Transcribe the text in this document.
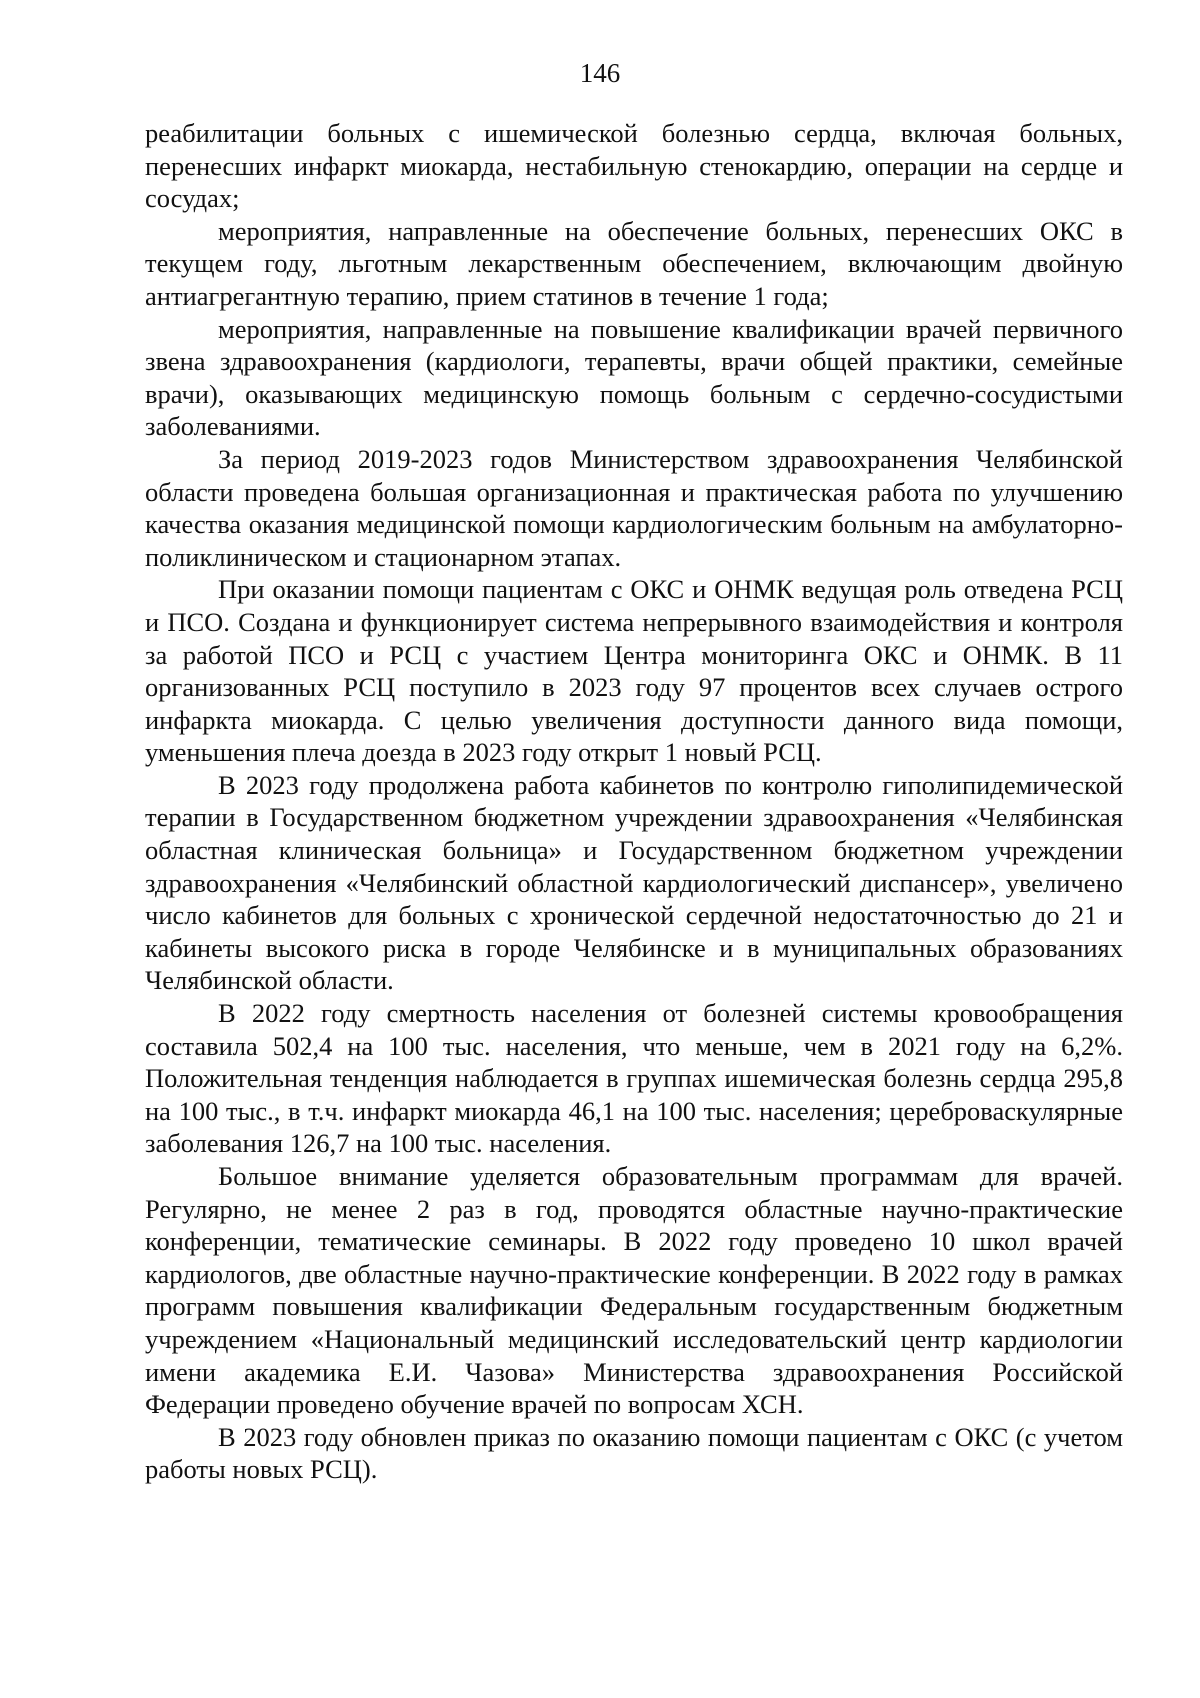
146

реабилитации больных с ишемической болезнью сердца, включая больных, перенесших инфаркт миокарда, нестабильную стенокардию, операции на сердце и сосудах;

мероприятия, направленные на обеспечение больных, перенесших ОКС в текущем году, льготным лекарственным обеспечением, включающим двойную антиагрегантную терапию, прием статинов в течение 1 года;

мероприятия, направленные на повышение квалификации врачей первичного звена здравоохранения (кардиологи, терапевты, врачи общей практики, семейные врачи), оказывающих медицинскую помощь больным с сердечно-сосудистыми заболеваниями.

За период 2019-2023 годов Министерством здравоохранения Челябинской области проведена большая организационная и практическая работа по улучшению качества оказания медицинской помощи кардиологическим больным на амбулаторно-поликлиническом и стационарном этапах.

При оказании помощи пациентам с ОКС и ОНМК ведущая роль отведена РСЦ и ПСО. Создана и функционирует система непрерывного взаимодействия и контроля за работой ПСО и РСЦ с участием Центра мониторинга ОКС и ОНМК. В 11 организованных РСЦ поступило в 2023 году 97 процентов всех случаев острого инфаркта миокарда. С целью увеличения доступности данного вида помощи, уменьшения плеча доезда в 2023 году открыт 1 новый РСЦ.

В 2023 году продолжена работа кабинетов по контролю гиполипидемической терапии в Государственном бюджетном учреждении здравоохранения «Челябинская областная клиническая больница» и Государственном бюджетном учреждении здравоохранения «Челябинский областной кардиологический диспансер», увеличено число кабинетов для больных с хронической сердечной недостаточностью до 21 и кабинеты высокого риска в городе Челябинске и в муниципальных образованиях Челябинской области.

В 2022 году смертность населения от болезней системы кровообращения составила 502,4 на 100 тыс. населения, что меньше, чем в 2021 году на 6,2%. Положительная тенденция наблюдается в группах ишемическая болезнь сердца 295,8 на 100 тыс., в т.ч. инфаркт миокарда 46,1 на 100 тыс. населения; цереброваскулярные заболевания 126,7 на 100 тыс. населения.

Большое внимание уделяется образовательным программам для врачей. Регулярно, не менее 2 раз в год, проводятся областные научно-практические конференции, тематические семинары. В 2022 году проведено 10 школ врачей кардиологов, две областные научно-практические конференции. В 2022 году в рамках программ повышения квалификации Федеральным государственным бюджетным учреждением «Национальный медицинский исследовательский центр кардиологии имени академика Е.И. Чазова» Министерства здравоохранения Российской Федерации проведено обучение врачей по вопросам ХСН.

В 2023 году обновлен приказ по оказанию помощи пациентам с ОКС (с учетом работы новых РСЦ).
